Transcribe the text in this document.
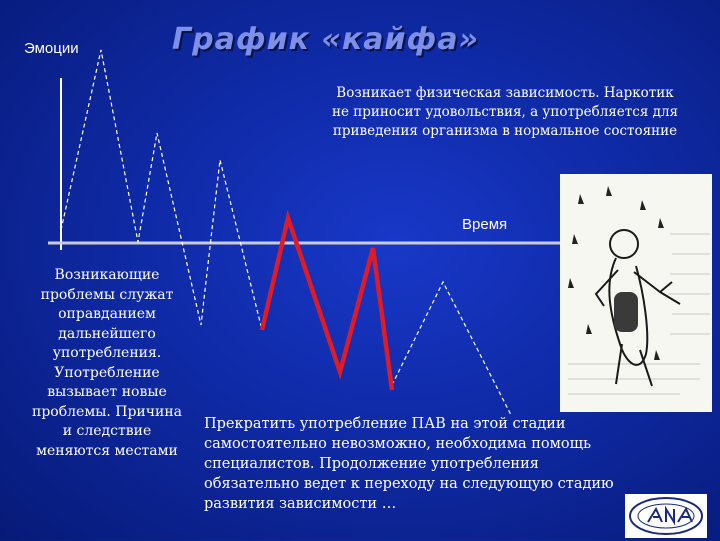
График «кайфа»
Эмоции
Время
Возникает физическая зависимость. Наркотик не приносит удовольствия, а употребляется для приведения организма в нормальное состояние
Возникающие проблемы служат оправданием дальнейшего употребления. Употребление вызывает новые проблемы. Причина и следствие меняются местами
Прекратить употребление ПАВ на этой стадии самостоятельно невозможно, необходима помощь специалистов. Продолжение употребления обязательно ведет к переходу на следующую стадию развития зависимости …
